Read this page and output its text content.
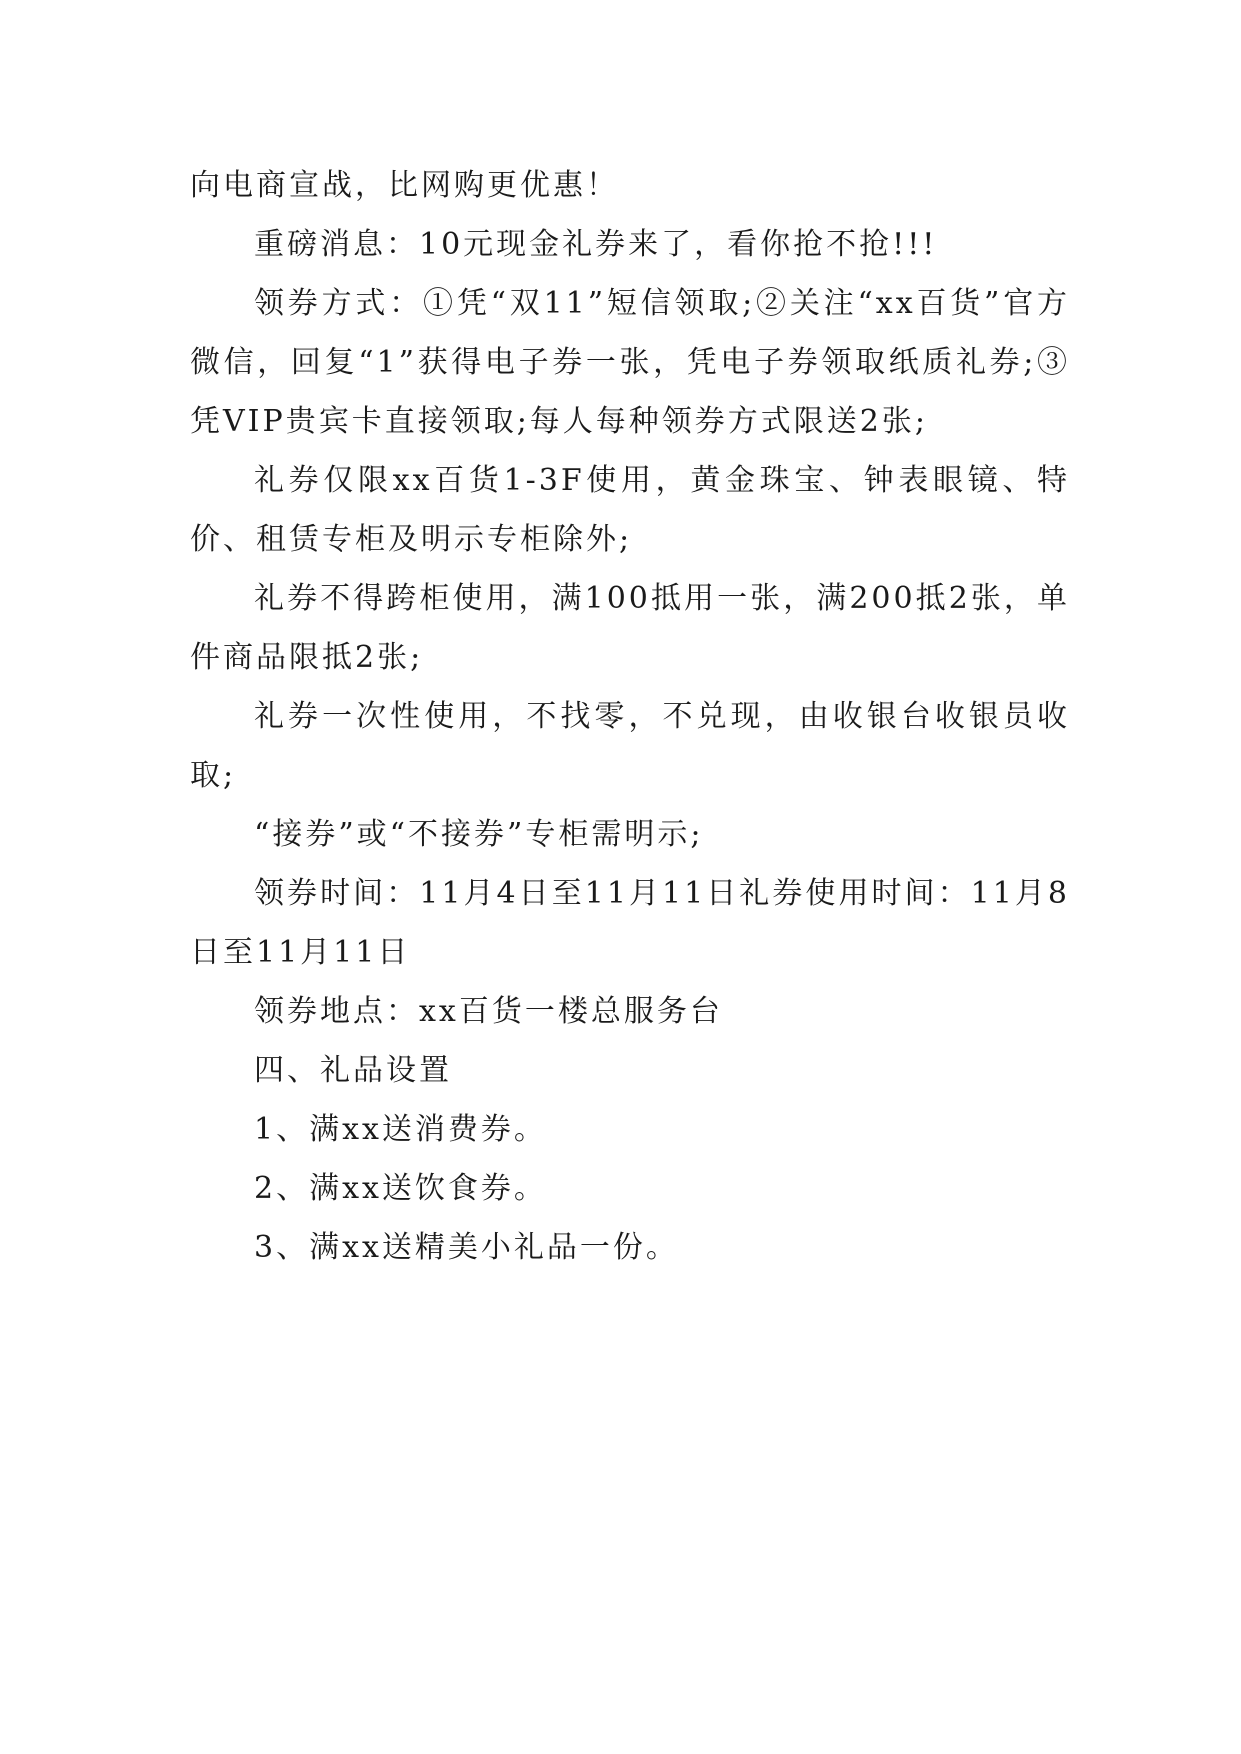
向电商宣战，比网购更优惠！

重磅消息：10元现金礼券来了，看你抢不抢!!!

领券方式：①凭“双11”短信领取;②关注“xx百货”官方微信，回复“1”获得电子券一张，凭电子券领取纸质礼券;③凭VIP贵宾卡直接领取;每人每种领券方式限送2张;

礼券仅限xx百货1-3F使用，黄金珠宝、钟表眼镜、特价、租赁专柜及明示专柜除外;

礼券不得跨柜使用，满100抵用一张，满200抵2张，单件商品限抵2张;

礼券一次性使用，不找零，不兑现，由收银台收银员收取;

“接券”或“不接券”专柜需明示;

领券时间：11月4日至11月11日礼券使用时间：11月8日至11月11日

领券地点：xx百货一楼总服务台

四、礼品设置

1、满xx送消费券。

2、满xx送饮食券。

3、满xx送精美小礼品一份。
